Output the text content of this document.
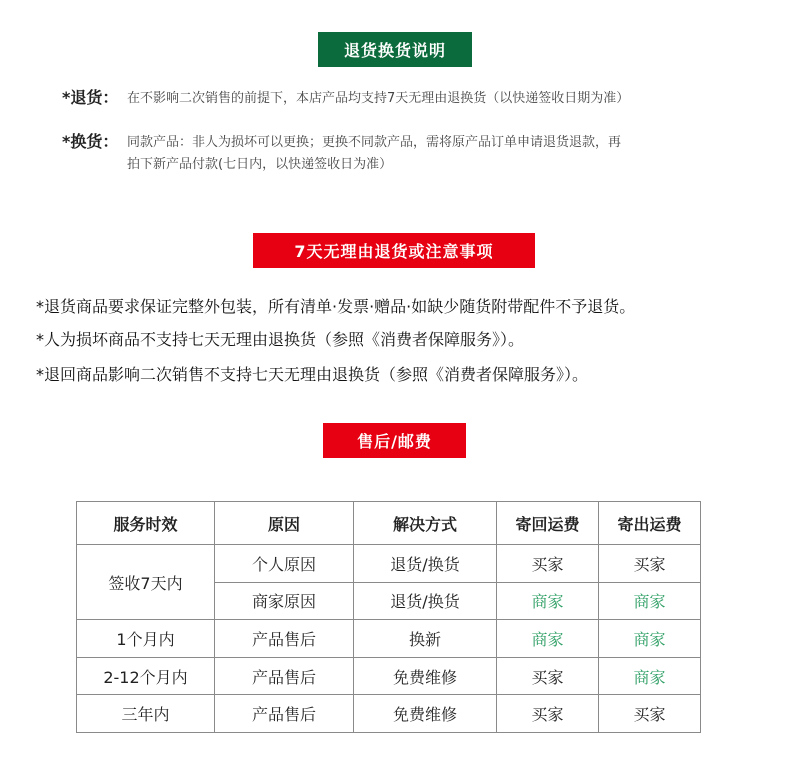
退货换货说明
*退货： 在不影响二次销售的前提下，本店产品均支持7天无理由退换货（以快递签收日期为准）
*换货： 同款产品：非人为损坏可以更换；更换不同款产品，需将原产品订单申请退货退款，再
拍下新产品付款(七日内，以快递签收日为准）
7天无理由退货或注意事项
*退货商品要求保证完整外包装，所有清单·发票·赠品·如缺少随货附带配件不予退货。
*人为损坏商品不支持七天无理由退换货（参照《消费者保障服务》）。
*退回商品影响二次销售不支持七天无理由退换货（参照《消费者保障服务》）。
售后/邮费
服务时效	原因	解决方式	寄回运费	寄出运费
签收7天内	个人原因	退货/换货	买家	买家
	商家原因	退货/换货	商家	商家
1个月内	产品售后	换新	商家	商家
2-12个月内	产品售后	免费维修	买家	商家
三年内	产品售后	免费维修	买家	买家
